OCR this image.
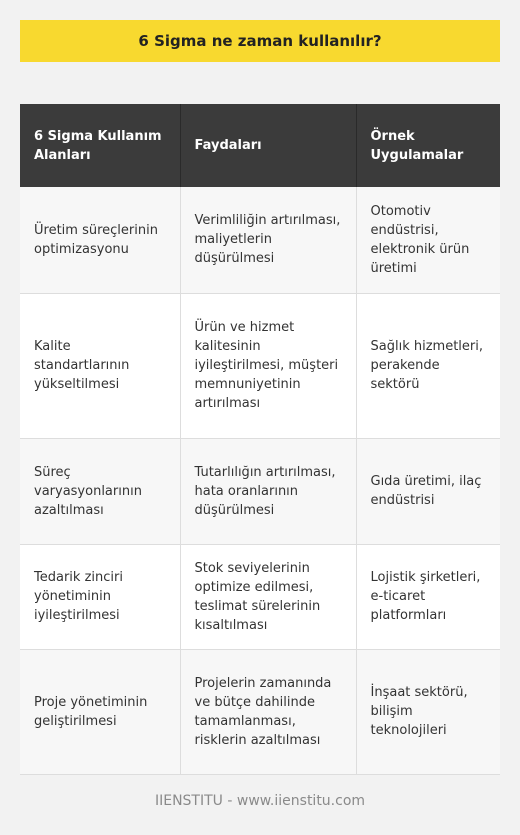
6 Sigma ne zaman kullanılır?
6 Sigma Kullanım Alanları	Faydaları	Örnek Uygulamalar
Üretim süreçlerinin optimizasyonu	Verimliliğin artırılması, maliyetlerin düşürülmesi	Otomotiv endüstrisi, elektronik ürün üretimi
Kalite standartlarının yükseltilmesi	Ürün ve hizmet kalitesinin iyileştirilmesi, müşteri memnuniyetinin artırılması	Sağlık hizmetleri, perakende sektörü
Süreç varyasyonlarının azaltılması	Tutarlılığın artırılması, hata oranlarının düşürülmesi	Gıda üretimi, ilaç endüstrisi
Tedarik zinciri yönetiminin iyileştirilmesi	Stok seviyelerinin optimize edilmesi, teslimat sürelerinin kısaltılması	Lojistik şirketleri, e-ticaret platformları
Proje yönetiminin geliştirilmesi	Projelerin zamanında ve bütçe dahilinde tamamlanması, risklerin azaltılması	İnşaat sektörü, bilişim teknolojileri
IIENSTITU - www.iienstitu.com
